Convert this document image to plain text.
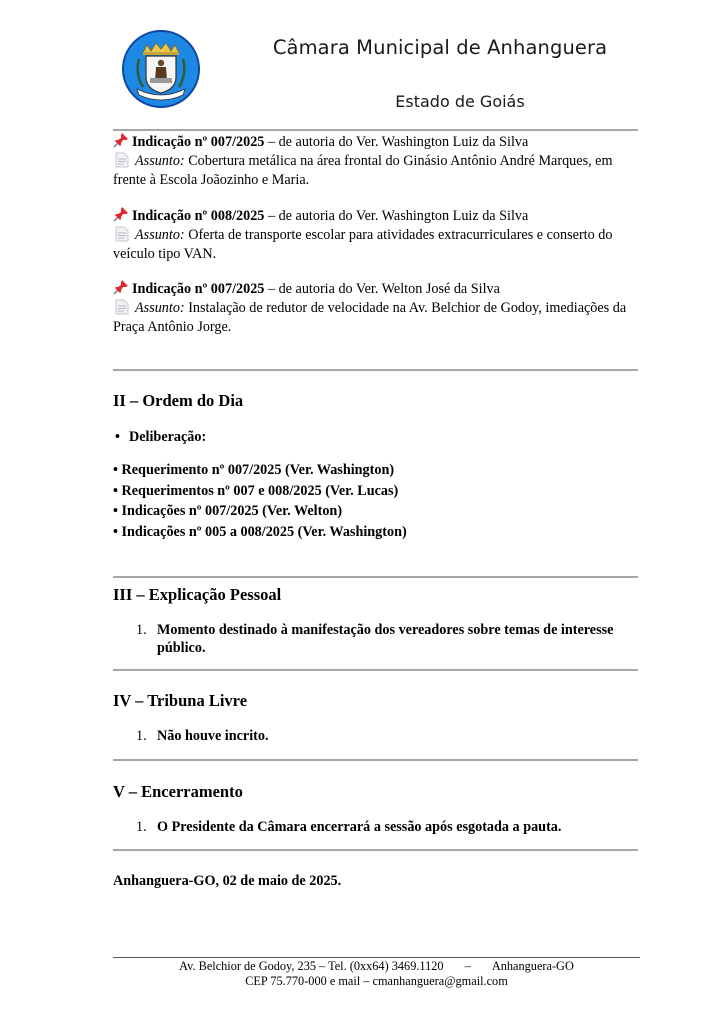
Câmara Municipal de Anhanguera
Estado de Goiás
Indicação nº 007/2025 – de autoria do Ver. Washington Luiz da Silva
Assunto: Cobertura metálica na área frontal do Ginásio Antônio André Marques, em frente à Escola Joãozinho e Maria.
Indicação nº 008/2025 – de autoria do Ver. Washington Luiz da Silva
Assunto: Oferta de transporte escolar para atividades extracurriculares e conserto do veículo tipo VAN.
Indicação nº 007/2025 – de autoria do Ver. Welton José da Silva
Assunto: Instalação de redutor de velocidade na Av. Belchior de Godoy, imediações da Praça Antônio Jorge.
II – Ordem do Dia
• Deliberação:
• Requerimento nº 007/2025 (Ver. Washington)
• Requerimentos nº 007 e 008/2025 (Ver. Lucas)
• Indicações nº 007/2025 (Ver. Welton)
• Indicações nº 005 a 008/2025 (Ver. Washington)
III – Explicação Pessoal
1. Momento destinado à manifestação dos vereadores sobre temas de interesse público.
IV – Tribuna Livre
1. Não houve incrito.
V – Encerramento
1. O Presidente da Câmara encerrará a sessão após esgotada a pauta.
Anhanguera-GO, 02 de maio de 2025.
Av. Belchior de Godoy, 235 – Tel. (0xx64) 3469.1120 – Anhanguera-GO
CEP 75.770-000 e mail – cmanhanguera@gmail.com
